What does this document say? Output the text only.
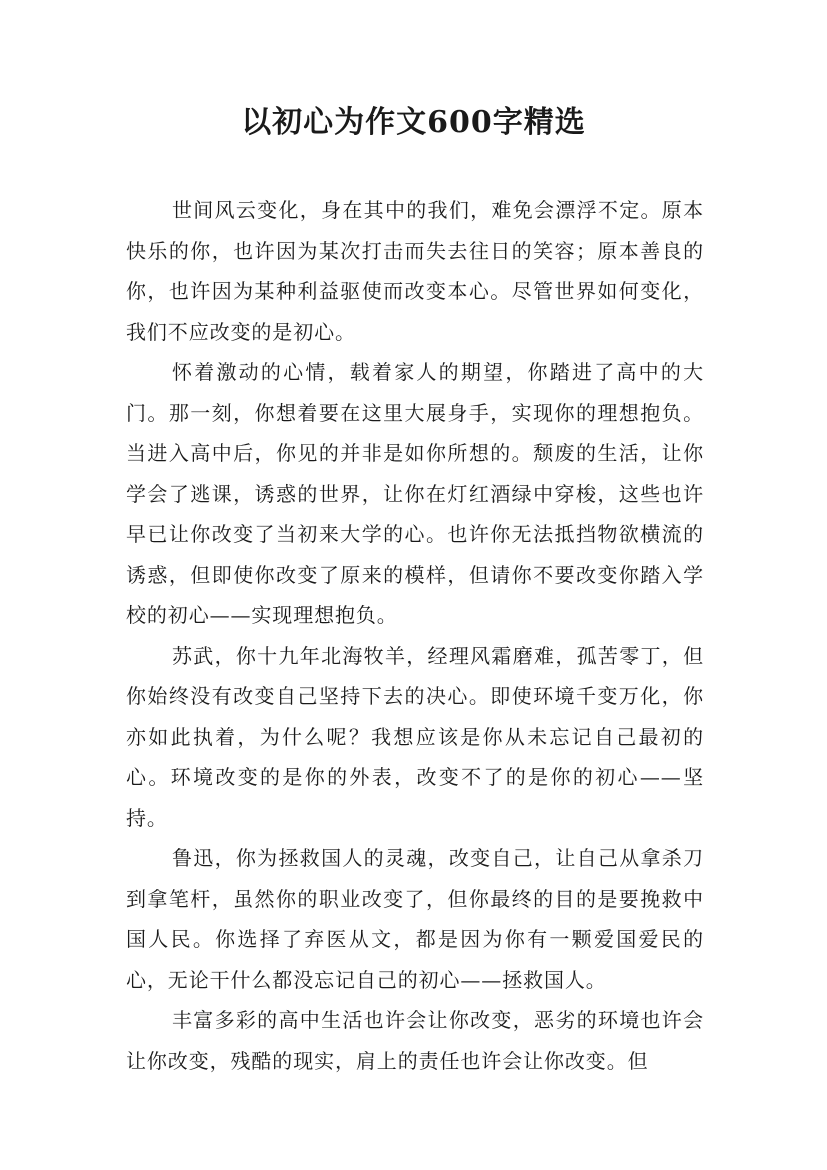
以初心为作文600字精选

世间风云变化，身在其中的我们，难免会漂浮不定。原本快乐的你，也许因为某次打击而失去往日的笑容；原本善良的你，也许因为某种利益驱使而改变本心。尽管世界如何变化，我们不应改变的是初心。

怀着激动的心情，载着家人的期望，你踏进了高中的大门。那一刻，你想着要在这里大展身手，实现你的理想抱负。当进入高中后，你见的并非是如你所想的。颓废的生活，让你学会了逃课，诱惑的世界，让你在灯红酒绿中穿梭，这些也许早已让你改变了当初来大学的心。也许你无法抵挡物欲横流的诱惑，但即使你改变了原来的模样，但请你不要改变你踏入学校的初心——实现理想抱负。

苏武，你十九年北海牧羊，经理风霜磨难，孤苦零丁，但你始终没有改变自己坚持下去的决心。即使环境千变万化，你亦如此执着，为什么呢？我想应该是你从未忘记自己最初的心。环境改变的是你的外表，改变不了的是你的初心——坚持。

鲁迅，你为拯救国人的灵魂，改变自己，让自己从拿杀刀到拿笔杆，虽然你的职业改变了，但你最终的目的是要挽救中国人民。你选择了弃医从文，都是因为你有一颗爱国爱民的心，无论干什么都没忘记自己的初心——拯救国人。

丰富多彩的高中生活也许会让你改变，恶劣的环境也许会让你改变，残酷的现实，肩上的责任也许会让你改变。但
